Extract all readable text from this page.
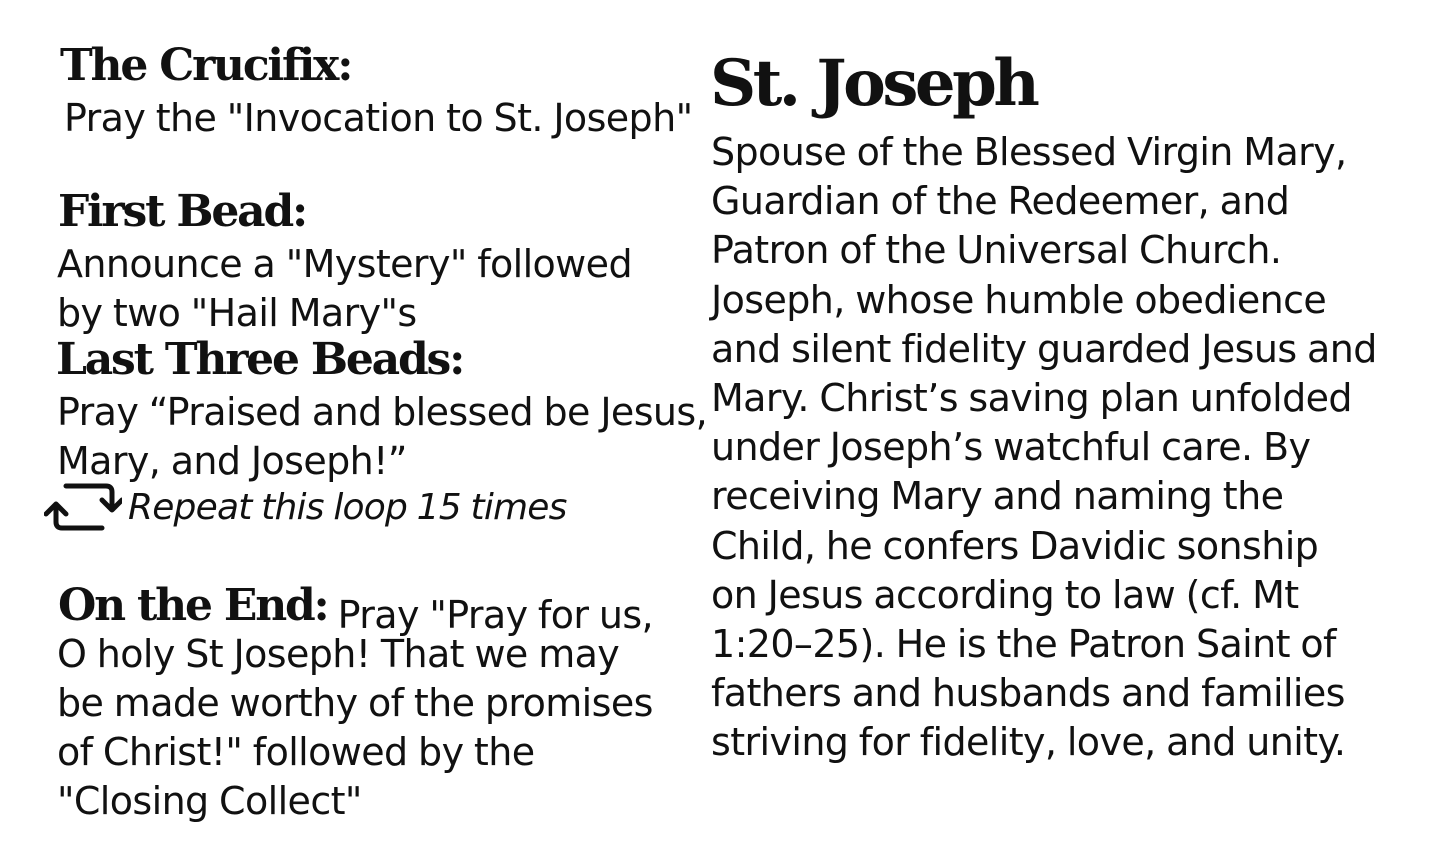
The Crucifix:
Pray the "Invocation to St. Joseph"
First Bead:
Announce a "Mystery" followed
by two "Hail Mary"s
Last Three Beads:
Pray “Praised and blessed be Jesus,
Mary, and Joseph!”
Repeat this loop 15 times
On the End: Pray "Pray for us,
O holy St Joseph! That we may
be made worthy of the promises
of Christ!" followed by the
"Closing Collect"
St. Joseph
Spouse of the Blessed Virgin Mary,
Guardian of the Redeemer, and
Patron of the Universal Church.
Joseph, whose humble obedience
and silent fidelity guarded Jesus and
Mary. Christ’s saving plan unfolded
under Joseph’s watchful care. By
receiving Mary and naming the
Child, he confers Davidic sonship
on Jesus according to law (cf. Mt
1:20–25). He is the Patron Saint of
fathers and husbands and families
striving for fidelity, love, and unity.
